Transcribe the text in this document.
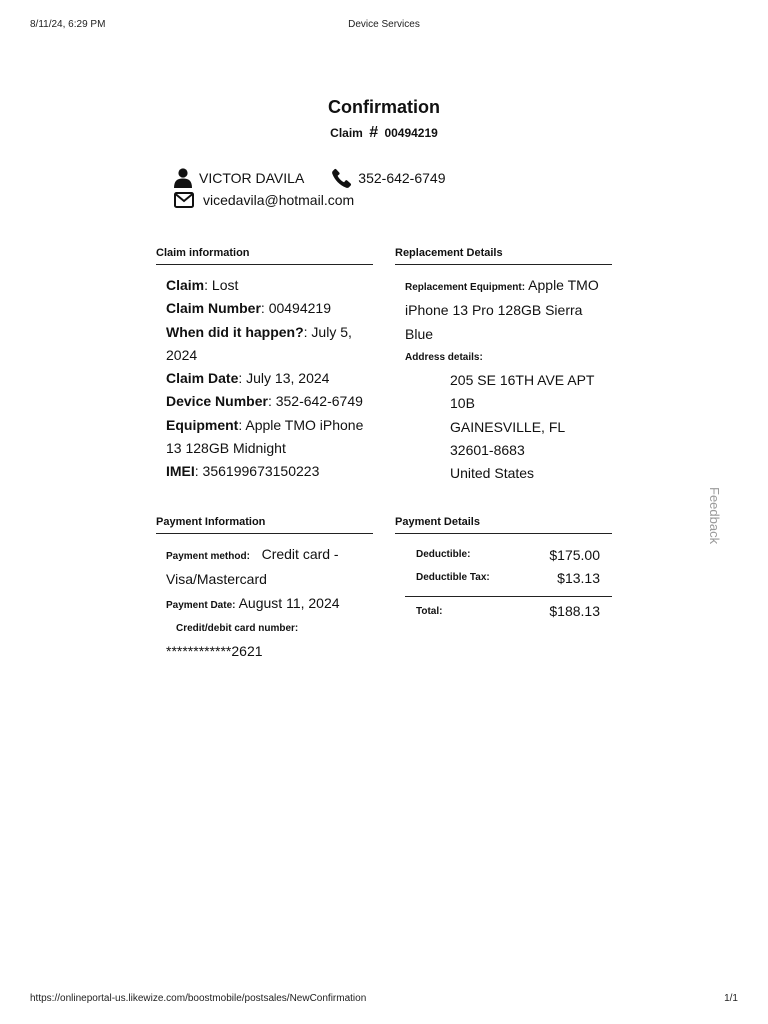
8/11/24, 6:29 PM	Device Services
Confirmation
Claim # 00494219
VICTOR DAVILA	352-642-6749
vicedavila@hotmail.com
Claim information
Claim: Lost
Claim Number: 00494219
When did it happen?: July 5, 2024
Claim Date: July 13, 2024
Device Number: 352-642-6749
Equipment: Apple TMO iPhone 13 128GB Midnight
IMEI: 356199673150223
Replacement Details
Replacement Equipment: Apple TMO iPhone 13 Pro 128GB Sierra Blue
Address details:
205 SE 16TH AVE APT 10B
GAINESVILLE, FL 32601-8683
United States
Payment Information
Payment method: Credit card - Visa/Mastercard
Payment Date: August 11, 2024
Credit/debit card number:
************2621
Payment Details
Deductible:	$175.00
Deductible Tax:	$13.13
Total:	$188.13
Feedback
https://onlineportal-us.likewize.com/boostmobile/postsales/NewConfirmation	1/1
